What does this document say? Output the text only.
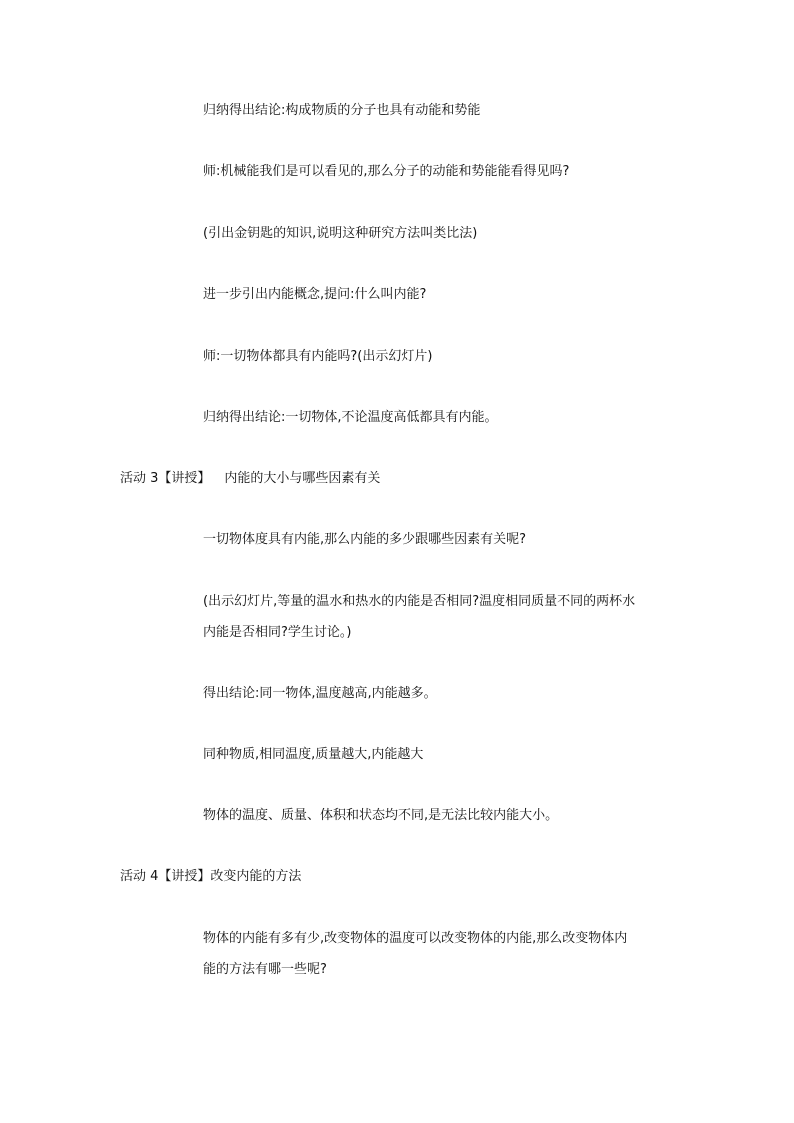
归纳得出结论:构成物质的分子也具有动能和势能
师:机械能我们是可以看见的,那么分子的动能和势能能看得见吗?
(引出金钥匙的知识,说明这种研究方法叫类比法)
进一步引出内能概念,提问:什么叫内能?
师:一切物体都具有内能吗?(出示幻灯片)
归纳得出结论:一切物体,不论温度高低都具有内能。
活动 3【讲授】 内能的大小与哪些因素有关
一切物体度具有内能,那么内能的多少跟哪些因素有关呢?
(出示幻灯片,等量的温水和热水的内能是否相同?温度相同质量不同的两杯水
内能是否相同?学生讨论。)
得出结论:同一物体,温度越高,内能越多。
同种物质,相同温度,质量越大,内能越大
物体的温度、质量、体积和状态均不同,是无法比较内能大小。
活动 4【讲授】改变内能的方法
物体的内能有多有少,改变物体的温度可以改变物体的内能,那么改变物体内
能的方法有哪一些呢?
